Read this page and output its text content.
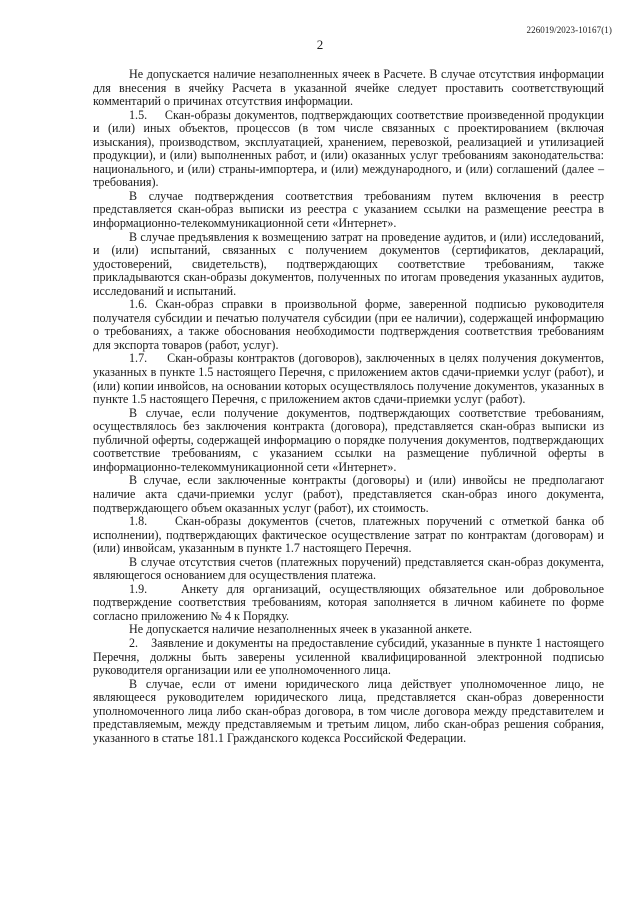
226019/2023-10167(1)
2

Не допускается наличие незаполненных ячеек в Расчете. В случае отсутствия информации для внесения в ячейку Расчета в указанной ячейке следует проставить соответствующий комментарий о причинах отсутствия информации.

1.5.     Скан-образы документов, подтверждающих соответствие произведенной продукции и (или) иных объектов, процессов (в том числе связанных с проектированием (включая изыскания), производством, эксплуатацией, хранением, перевозкой, реализацией и утилизацией продукции), и (или) выполненных работ, и (или) оказанных услуг требованиям законодательства: национального, и (или) страны-импортера, и (или) международного, и (или) соглашений (далее – требования).

В случае подтверждения соответствия требованиям путем включения в реестр представляется скан-образ выписки из реестра с указанием ссылки на размещение реестра в информационно-телекоммуникационной сети «Интернет».

В случае предъявления к возмещению затрат на проведение аудитов, и (или) исследований, и (или) испытаний, связанных с получением документов (сертификатов, деклараций, удостоверений, свидетельств), подтверждающих соответствие требованиям, также прикладываются скан-образы документов, полученных по итогам проведения указанных аудитов, исследований и испытаний.

1.6. Скан-образ справки в произвольной форме, заверенной подписью руководителя получателя субсидии и печатью получателя субсидии (при ее наличии), содержащей информацию о требованиях, а также обоснования необходимости подтверждения соответствия требованиям для экспорта товаров (работ, услуг).

1.7.     Скан-образы контрактов (договоров), заключенных в целях получения документов, указанных в пункте 1.5 настоящего Перечня, с приложением актов сдачи-приемки услуг (работ), и (или) копии инвойсов, на основании которых осуществлялось получение документов, указанных в пункте 1.5 настоящего Перечня, с приложением актов сдачи-приемки услуг (работ).

В случае, если получение документов, подтверждающих соответствие требованиям, осуществлялось без заключения контракта (договора), представляется скан-образ выписки из публичной оферты, содержащей информацию о порядке получения документов, подтверждающих соответствие требованиям, с указанием ссылки на размещение публичной оферты в информационно-телекоммуникационной сети «Интернет».

В случае, если заключенные контракты (договоры) и (или) инвойсы не предполагают наличие акта сдачи-приемки услуг (работ), представляется скан-образ иного документа, подтверждающего объем оказанных услуг (работ), их стоимость.

1.8.    Скан-образы документов (счетов, платежных поручений с отметкой банка об исполнении), подтверждающих фактическое осуществление затрат по контрактам (договорам) и (или) инвойсам, указанным в пункте 1.7 настоящего Перечня.

В случае отсутствия счетов (платежных поручений) представляется скан-образ документа, являющегося основанием для осуществления платежа.

1.9.    Анкету для организаций, осуществляющих обязательное или добровольное подтверждение соответствия требованиям, которая заполняется в личном кабинете по форме согласно приложению № 4 к Порядку.

Не допускается наличие незаполненных ячеек в указанной анкете.

2.    Заявление и документы на предоставление субсидий, указанные в пункте 1 настоящего Перечня, должны быть заверены усиленной квалифицированной электронной подписью руководителя организации или ее уполномоченного лица.

В случае, если от имени юридического лица действует уполномоченное лицо, не являющееся руководителем юридического лица, представляется скан-образ доверенности уполномоченного лица либо скан-образ договора, в том числе договора между представителем и представляемым, между представляемым и третьим лицом, либо скан-образ решения собрания, указанного в статье 181.1 Гражданского кодекса Российской Федерации.
